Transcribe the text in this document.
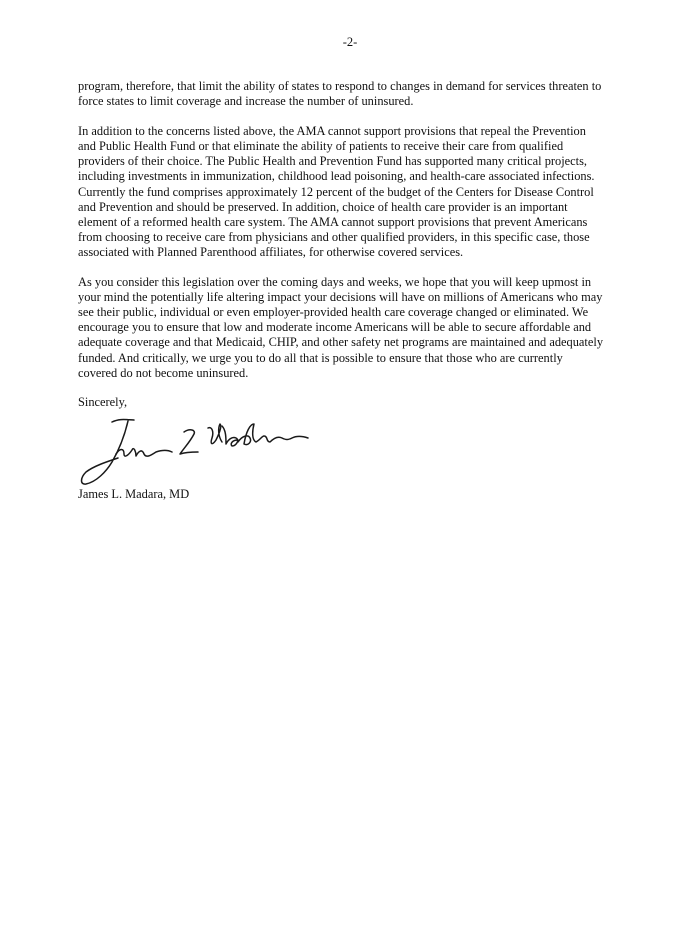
-2-

program, therefore, that limit the ability of states to respond to changes in demand for services threaten to
force states to limit coverage and increase the number of uninsured.

In addition to the concerns listed above, the AMA cannot support provisions that repeal the Prevention
and Public Health Fund or that eliminate the ability of patients to receive their care from qualified
providers of their choice. The Public Health and Prevention Fund has supported many critical projects,
including investments in immunization, childhood lead poisoning, and health-care associated infections.
Currently the fund comprises approximately 12 percent of the budget of the Centers for Disease Control
and Prevention and should be preserved. In addition, choice of health care provider is an important
element of a reformed health care system. The AMA cannot support provisions that prevent Americans
from choosing to receive care from physicians and other qualified providers, in this specific case, those
associated with Planned Parenthood affiliates, for otherwise covered services.

As you consider this legislation over the coming days and weeks, we hope that you will keep upmost in
your mind the potentially life altering impact your decisions will have on millions of Americans who may
see their public, individual or even employer-provided health care coverage changed or eliminated. We
encourage you to ensure that low and moderate income Americans will be able to secure affordable and
adequate coverage and that Medicaid, CHIP, and other safety net programs are maintained and adequately
funded. And critically, we urge you to do all that is possible to ensure that those who are currently
covered do not become uninsured.

Sincerely,
James L. Madara
James L. Madara, MD
